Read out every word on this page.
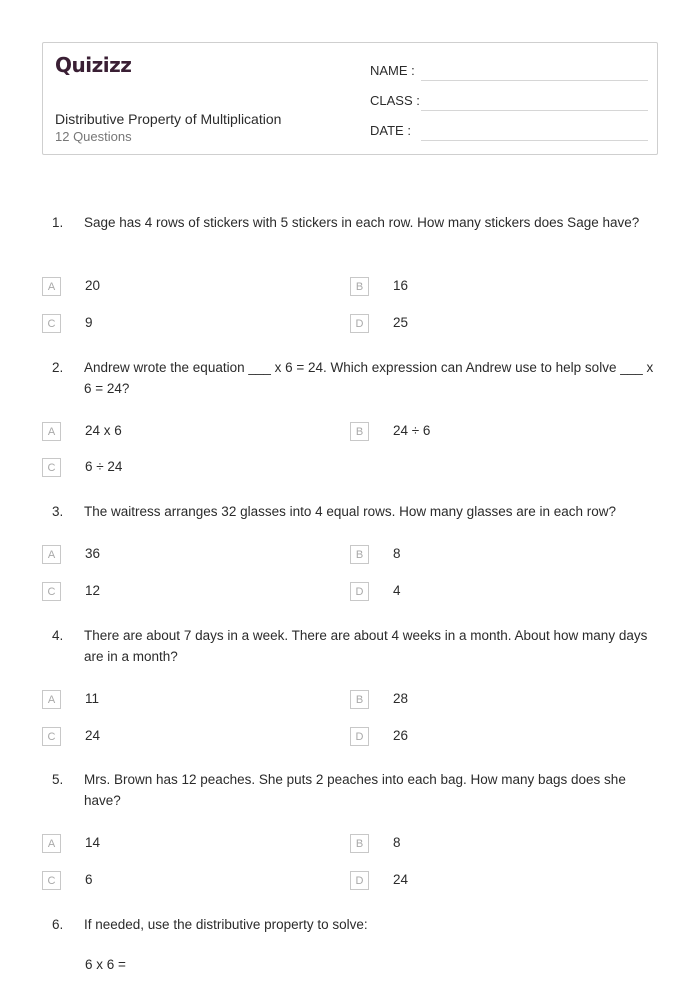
Quizizz
Distributive Property of Multiplication
12 Questions
NAME :
CLASS :
DATE :
1. Sage has 4 rows of stickers with 5 stickers in each row. How many stickers does Sage have?
A	20	B	16
C	9	D	25
2. Andrew wrote the equation ___ x 6 = 24. Which expression can Andrew use to help solve ___ x 6 = 24?
A	24 x 6	B	24 ÷ 6
C	6 ÷ 24
3. The waitress arranges 32 glasses into 4 equal rows. How many glasses are in each row?
A	36	B	8
C	12	D	4
4. There are about 7 days in a week. There are about 4 weeks in a month. About how many days are in a month?
A	11	B	28
C	24	D	26
5. Mrs. Brown has 12 peaches. She puts 2 peaches into each bag. How many bags does she have?
A	14	B	8
C	6	D	24
6. If needed, use the distributive property to solve:
6 x 6 =
